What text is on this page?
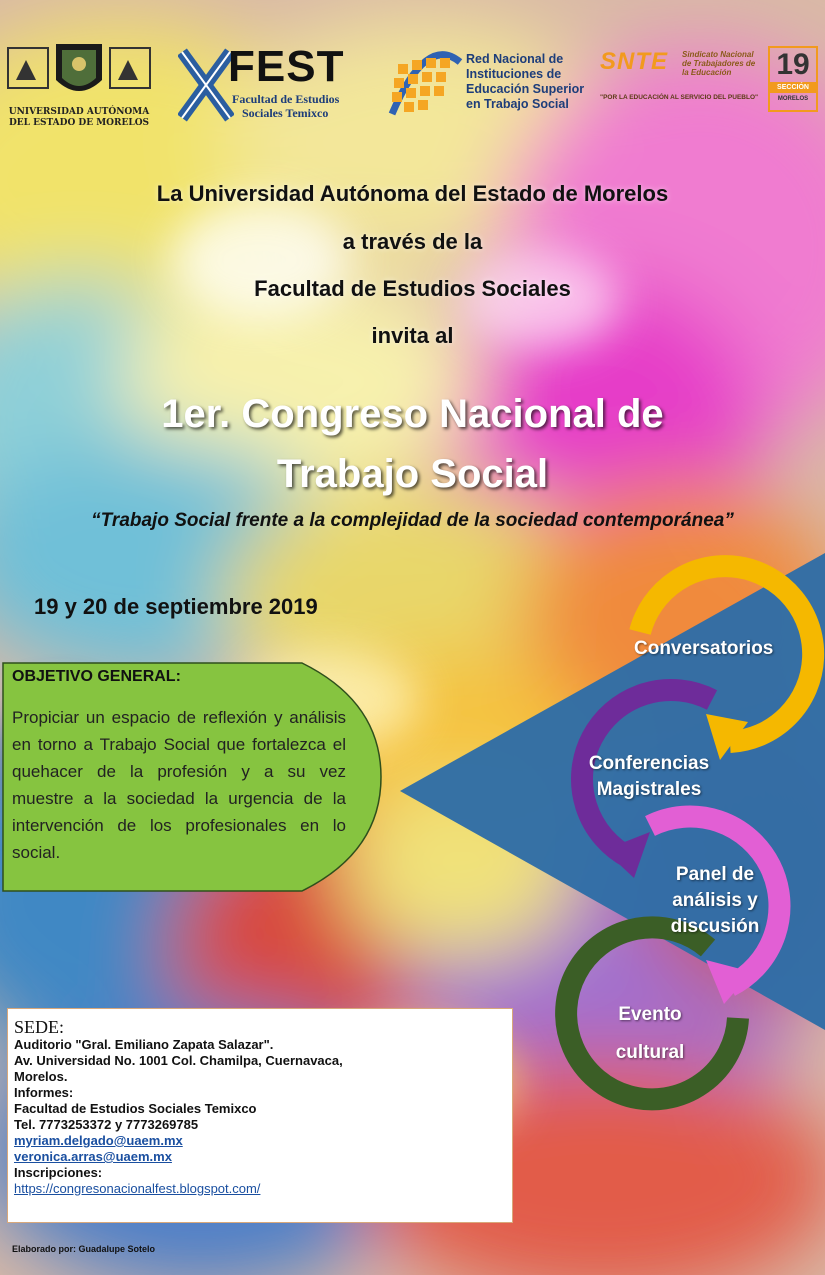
UNIVERSIDAD AUTÓNOMA DEL ESTADO DE MORELOS
FEST
Facultad de Estudios
Sociales Temixco
Red Nacional de
Instituciones de
Educación Superior
en Trabajo Social
SNTE Sindicato Nacional de Trabajadores de la Educación
"POR LA EDUCACIÓN AL SERVICIO DEL PUEBLO"
19
SECCIÓN
MORELOS
La Universidad Autónoma del Estado de Morelos
a través de la
Facultad de Estudios Sociales
invita al
1er. Congreso Nacional de
Trabajo Social
“Trabajo Social frente a la complejidad de la sociedad contemporánea”
19 y 20 de septiembre 2019
Conversatorios
Conferencias
Magistrales
Panel de
análisis y
discusión
Evento
cultural
OBJETIVO GENERAL:
Propiciar un espacio de reflexión y análisis en torno a Trabajo Social que fortalezca el quehacer de la profesión y a su vez muestre a la sociedad la urgencia de la intervención de los profesionales en lo social.
SEDE:
Auditorio "Gral. Emiliano Zapata Salazar".
Av. Universidad No. 1001 Col. Chamilpa, Cuernavaca,
Morelos.
Informes:
Facultad de Estudios Sociales Temixco
Tel. 7773253372 y 7773269785
myriam.delgado@uaem.mx
veronica.arras@uaem.mx
Inscripciones:
https://congresonacionalfest.blogspot.com/
Elaborado por: Guadalupe Sotelo
